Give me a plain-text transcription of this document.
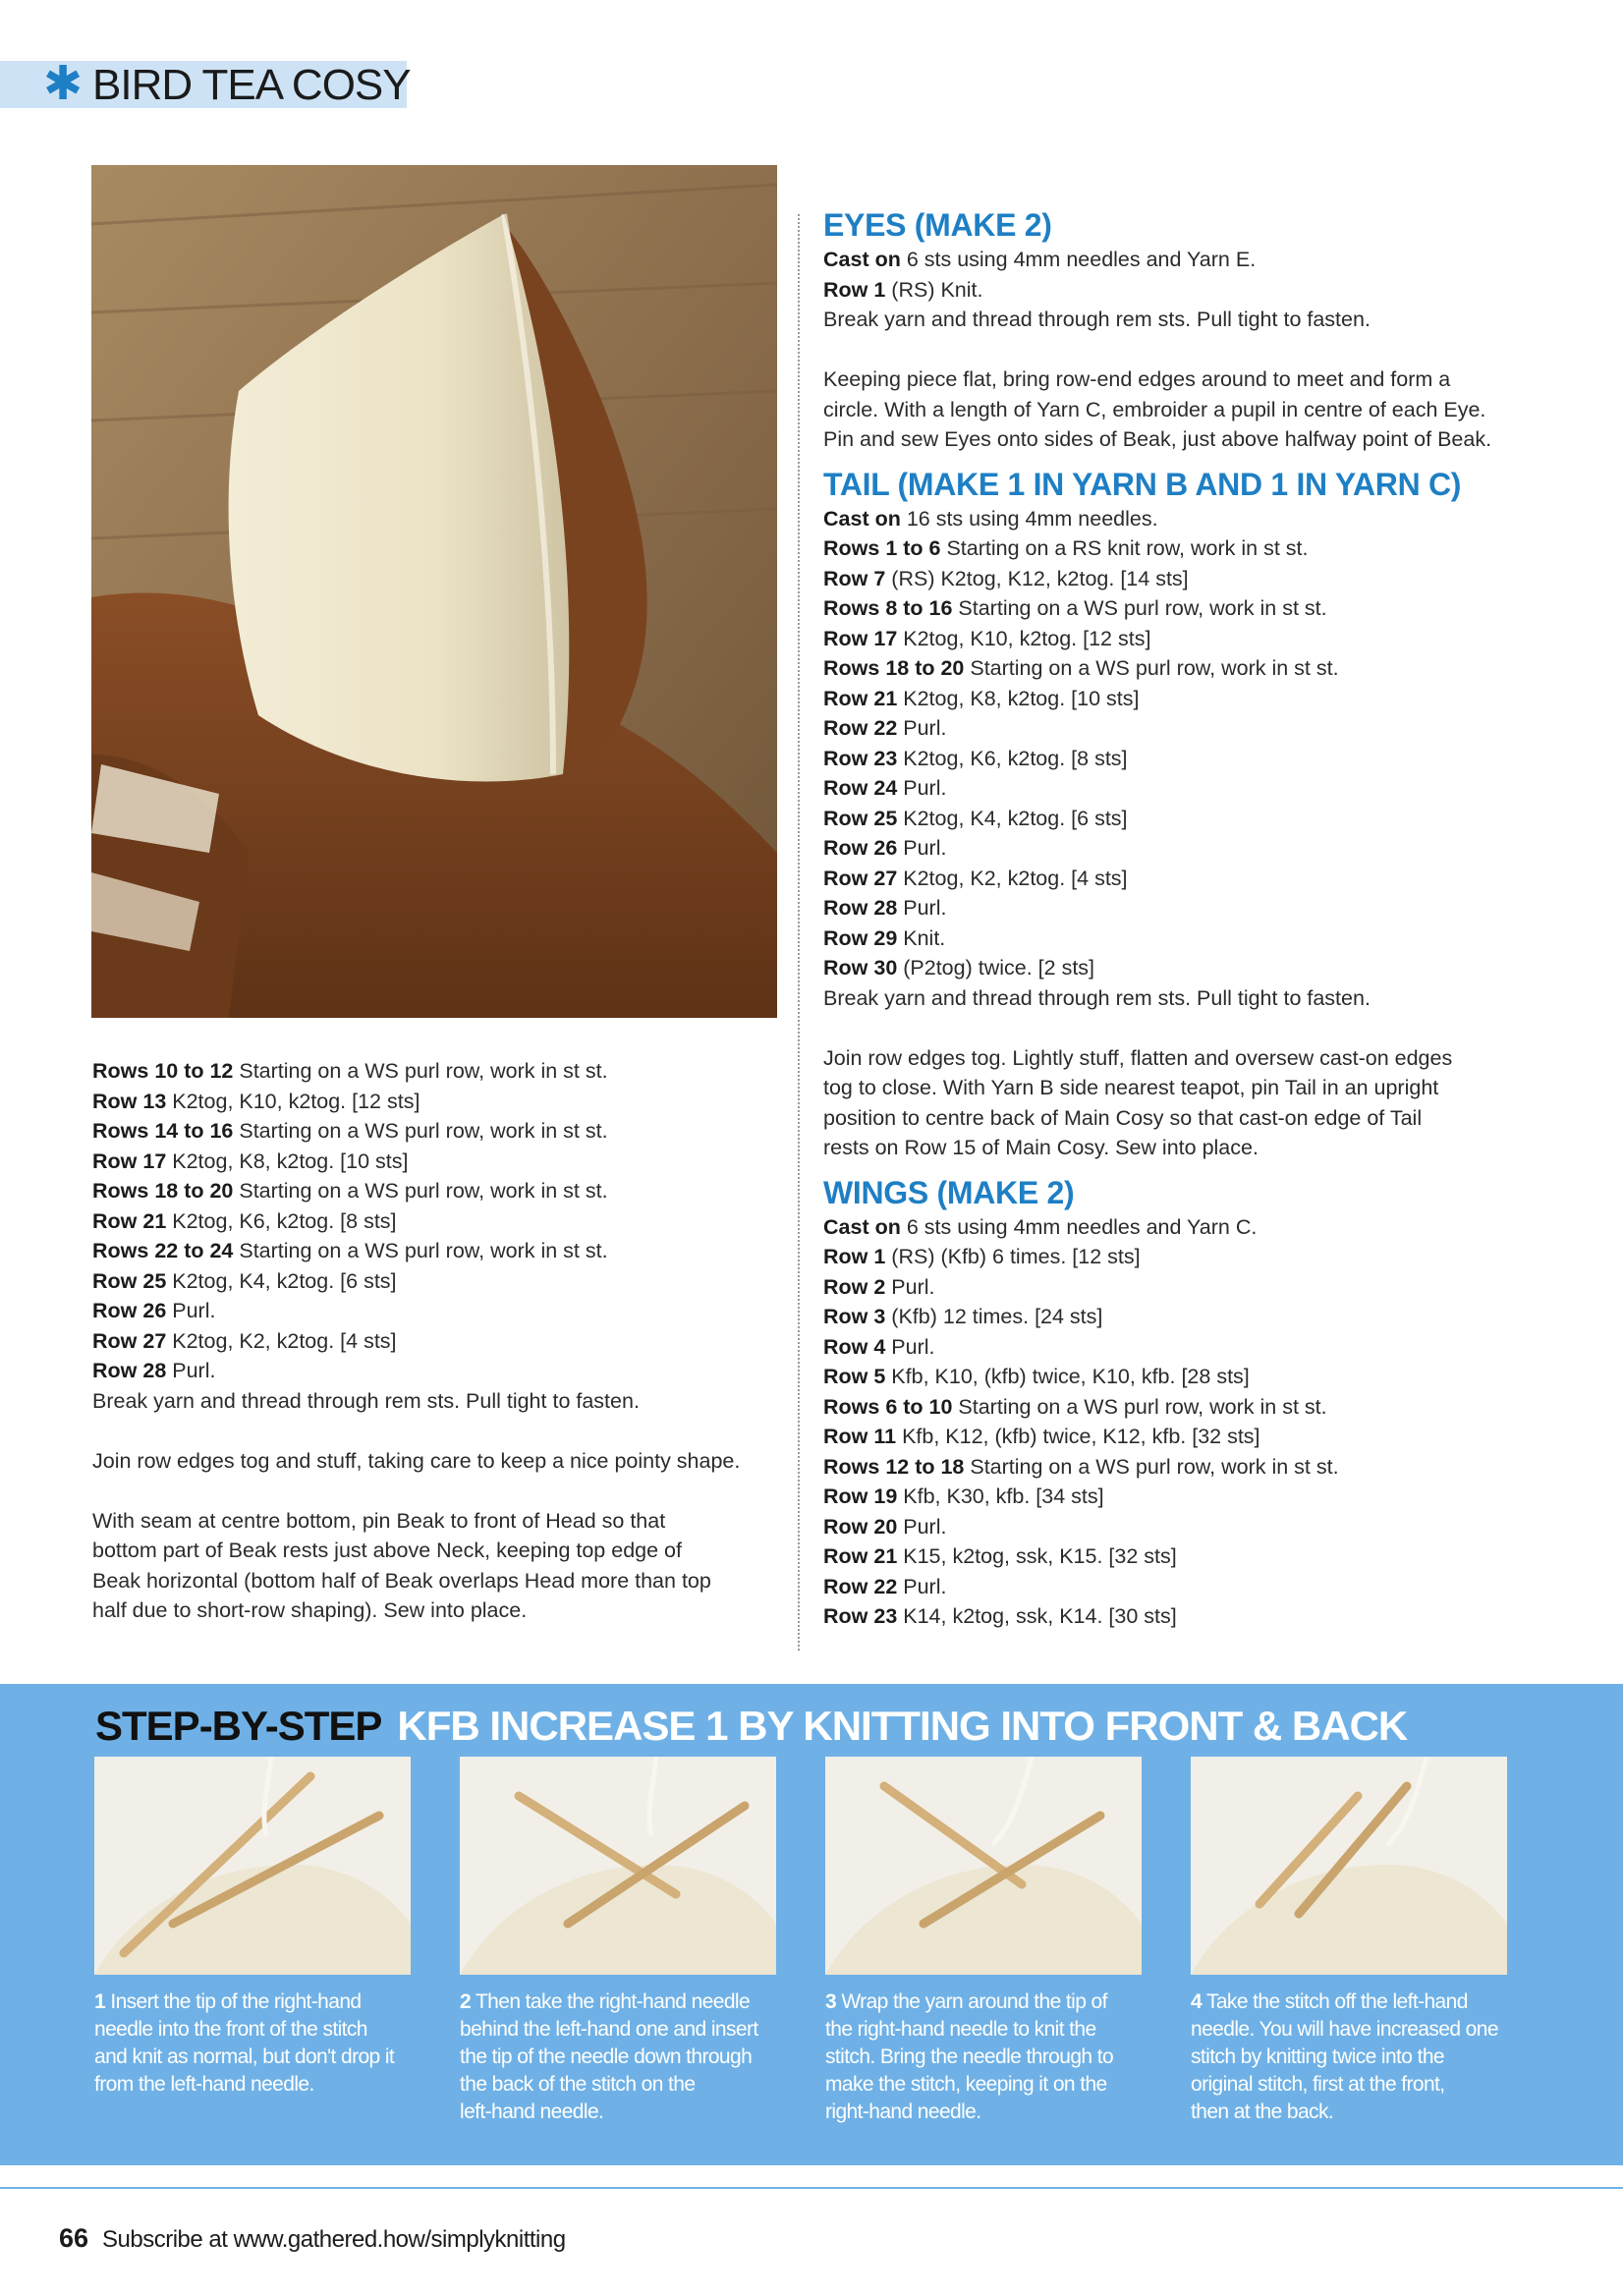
✱ BIRD TEA COSY

Rows 10 to 12 Starting on a WS purl row, work in st st.

Row 13 K2tog, K10, k2tog. [12 sts]

Rows 14 to 16 Starting on a WS purl row, work in st st.

Row 17 K2tog, K8, k2tog. [10 sts]

Rows 18 to 20 Starting on a WS purl row, work in st st.

Row 21 K2tog, K6, k2tog. [8 sts]

Rows 22 to 24 Starting on a WS purl row, work in st st.

Row 25 K2tog, K4, k2tog. [6 sts]

Row 26 Purl.

Row 27 K2tog, K2, k2tog. [4 sts]

Row 28 Purl.

Break yarn and thread through rem sts. Pull tight to fasten.

Join row edges tog and stuff, taking care to keep a nice pointy shape.

With seam at centre bottom, pin Beak to front of Head so that

bottom part of Beak rests just above Neck, keeping top edge of

Beak horizontal (bottom half of Beak overlaps Head more than top

half due to short-row shaping). Sew into place.

EYES (MAKE 2)

Cast on 6 sts using 4mm needles and Yarn E.

Row 1 (RS) Knit.

Break yarn and thread through rem sts. Pull tight to fasten.

Keeping piece flat, bring row-end edges around to meet and form a

circle. With a length of Yarn C, embroider a pupil in centre of each Eye.

Pin and sew Eyes onto sides of Beak, just above halfway point of Beak.

TAIL (MAKE 1 IN YARN B AND 1 IN YARN C)

Cast on 16 sts using 4mm needles.

Rows 1 to 6 Starting on a RS knit row, work in st st.

Row 7 (RS) K2tog, K12, k2tog. [14 sts]

Rows 8 to 16 Starting on a WS purl row, work in st st.

Row 17 K2tog, K10, k2tog. [12 sts]

Rows 18 to 20 Starting on a WS purl row, work in st st.

Row 21 K2tog, K8, k2tog. [10 sts]

Row 22 Purl.

Row 23 K2tog, K6, k2tog. [8 sts]

Row 24 Purl.

Row 25 K2tog, K4, k2tog. [6 sts]

Row 26 Purl.

Row 27 K2tog, K2, k2tog. [4 sts]

Row 28 Purl.

Row 29 Knit.

Row 30 (P2tog) twice. [2 sts]

Break yarn and thread through rem sts. Pull tight to fasten.

Join row edges tog. Lightly stuff, flatten and oversew cast-on edges

tog to close. With Yarn B side nearest teapot, pin Tail in an upright

position to centre back of Main Cosy so that cast-on edge of Tail

rests on Row 15 of Main Cosy. Sew into place.

WINGS (MAKE 2)

Cast on 6 sts using 4mm needles and Yarn C.

Row 1 (RS) (Kfb) 6 times. [12 sts]

Row 2 Purl.

Row 3 (Kfb) 12 times. [24 sts]

Row 4 Purl.

Row 5 Kfb, K10, (kfb) twice, K10, kfb. [28 sts]

Rows 6 to 10 Starting on a WS purl row, work in st st.

Row 11 Kfb, K12, (kfb) twice, K12, kfb. [32 sts]

Rows 12 to 18 Starting on a WS purl row, work in st st.

Row 19 Kfb, K30, kfb. [34 sts]

Row 20 Purl.

Row 21 K15, k2tog, ssk, K15. [32 sts]

Row 22 Purl.

Row 23 K14, k2tog, ssk, K14. [30 sts]

STEP-BY-STEP KFB INCREASE 1 BY KNITTING INTO FRONT & BACK
1 Insert the tip of the right-hand
needle into the front of the stitch
and knit as normal, but don't drop it
from the left-hand needle.
2 Then take the right-hand needle
behind the left-hand one and insert
the tip of the needle down through
the back of the stitch on the
left-hand needle.
3 Wrap the yarn around the tip of
the right-hand needle to knit the
stitch. Bring the needle through to
make the stitch, keeping it on the
right-hand needle.
4 Take the stitch off the left-hand
needle. You will have increased one
stitch by knitting twice into the
original stitch, first at the front,
then at the back.
66 Subscribe at www.gathered.how/simplyknitting
